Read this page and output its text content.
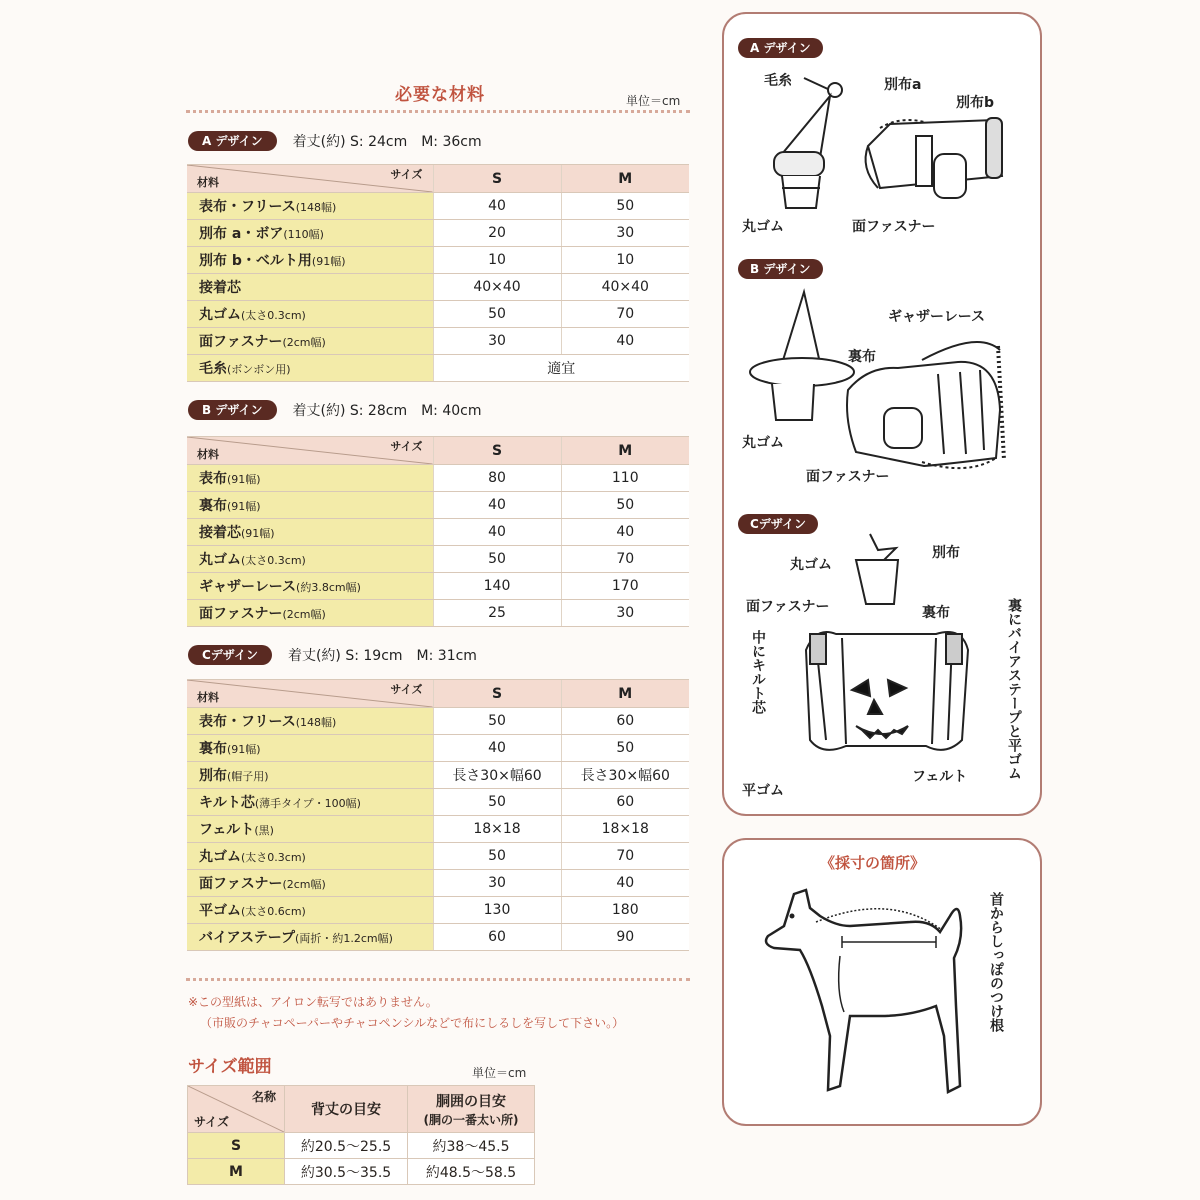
必要な材料	単位＝cm
A デザイン	着丈(約) S: 24cm　M: 36cm
材料
サイズ	S	M
表布・フリース(148幅)	40	50
別布 a・ボア(110幅)	20	30
別布 b・ベルト用(91幅)	10	10
接着芯	40×40	40×40
丸ゴム(太さ0.3cm)	50	70
面ファスナー(2cm幅)	30	40
毛糸(ボンボン用)	適宜	
B デザイン	着丈(約) S: 28cm　M: 40cm
材料
サイズ	S	M
表布(91幅)	80	110
裏布(91幅)	40	50
接着芯(91幅)	40	40
丸ゴム(太さ0.3cm)	50	70
ギャザーレース(約3.8cm幅)	140	170
面ファスナー(2cm幅)	25	30
Cデザイン	着丈(約) S: 19cm　M: 31cm
材料
サイズ	S	M
表布・フリース(148幅)	50	60
裏布(91幅)	40	50
別布(帽子用)	長さ30×幅60	長さ30×幅60
キルト芯(薄手タイプ・100幅)	50	60
フェルト(黒)	18×18	18×18
丸ゴム(太さ0.3cm)	50	70
面ファスナー(2cm幅)	30	40
平ゴム(太さ0.6cm)	130	180
バイアステープ(両折・約1.2cm幅)	60	90
※この型紙は、アイロン転写ではありません。
（市販のチャコペーパーやチャコペンシルなどで布にしるしを写して下さい。）
サイズ範囲	単位＝cm
名称
サイズ	背丈の目安	胴囲の目安
(胴の一番太い所)

S	約20.5〜25.5	約38〜45.5
M	約30.5〜35.5	約48.5〜58.5
A デザイン
毛糸	別布a
別布b
丸ゴム	面ファスナー
B デザイン
ギャザーレース
裏布
丸ゴム
面ファスナー
Cデザイン
丸ゴム
別布
面ファスナー	裏布	裏にバイアステープと平ゴム
中にキルト芯
フェルト
平ゴム
《採寸の箇所》
首からしっぽのつけ根
